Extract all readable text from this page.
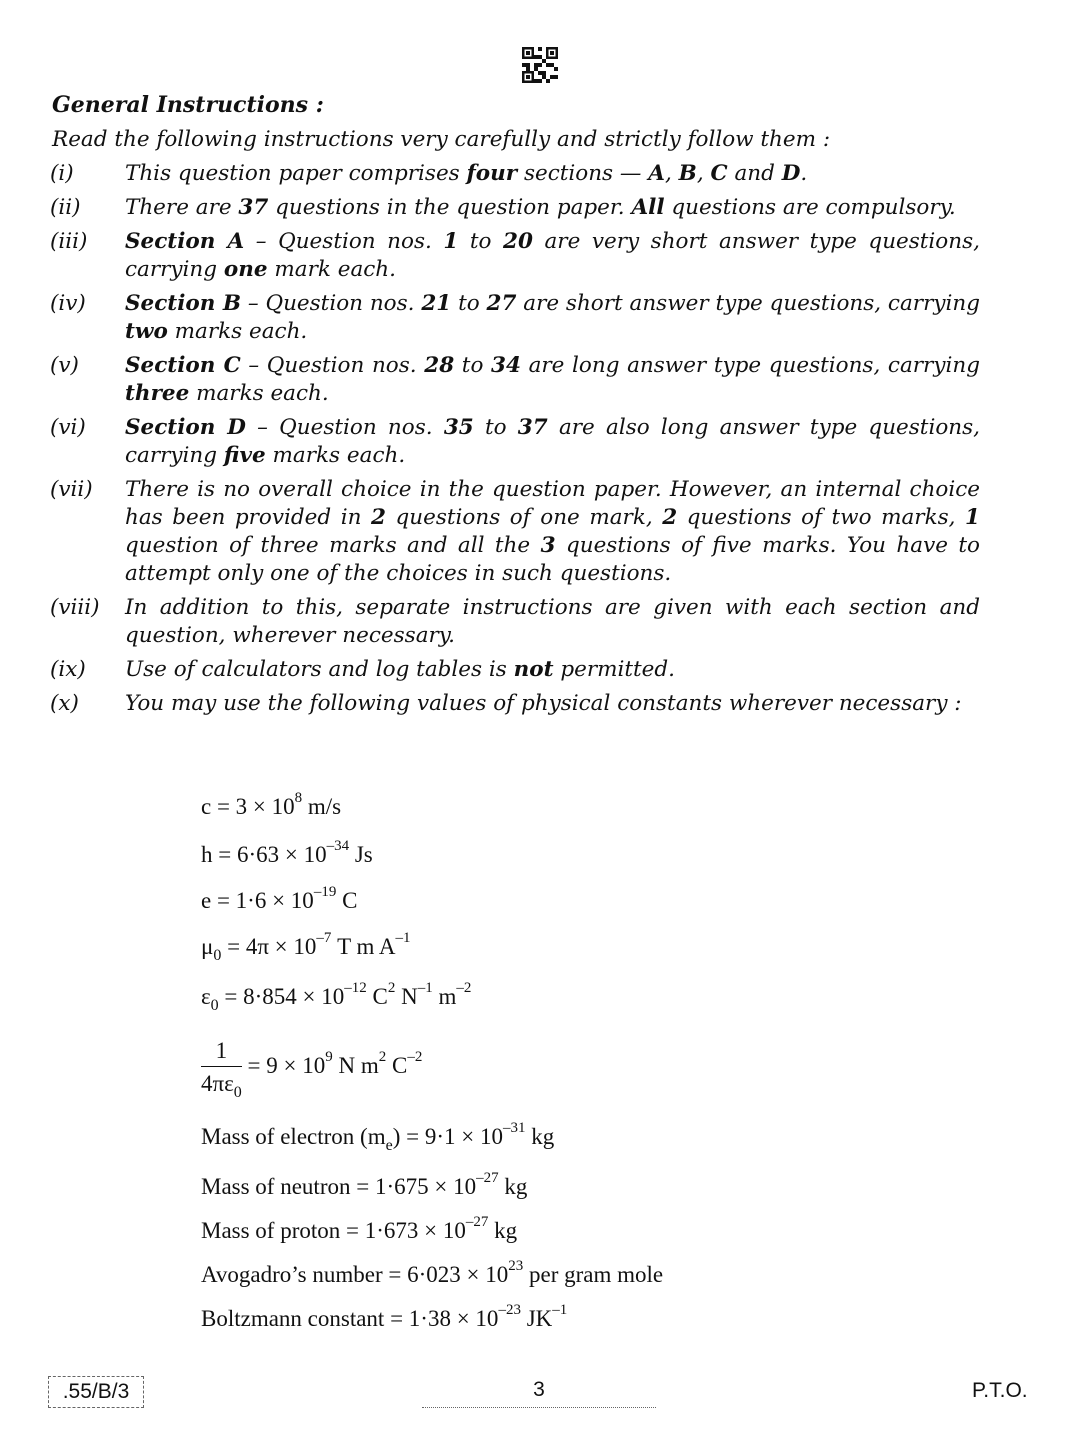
General Instructions :
Read the following instructions very carefully and strictly follow them :
(i)	This question paper comprises four sections — A, B, C and D.
(ii)	There are 37 questions in the question paper. All questions are compulsory.
(iii)	Section A – Question nos. 1 to 20 are very short answer type questions, carrying one mark each.
(iv)	Section B – Question nos. 21 to 27 are short answer type questions, carrying two marks each.
(v)	Section C – Question nos. 28 to 34 are long answer type questions, carrying three marks each.
(vi)	Section D – Question nos. 35 to 37 are also long answer type questions, carrying five marks each.
(vii)	There is no overall choice in the question paper. However, an internal choice has been provided in 2 questions of one mark, 2 questions of two marks, 1 question of three marks and all the 3 questions of five marks. You have to attempt only one of the choices in such questions.
(viii)	In addition to this, separate instructions are given with each section and question, wherever necessary.
(ix)	Use of calculators and log tables is not permitted.
(x)	You may use the following values of physical constants wherever necessary :
$c = 3 \times 10^8$ m/s
$h = 6\cdot 63 \times 10^{-34}$ Js
$e = 1\cdot 6 \times 10^{-19}$ C
$\mu_0 = 4\pi \times 10^{-7}$ T m $A^{-1}$
$\varepsilon_0 = 8\cdot 854 \times 10^{-12}$ $C^2$ $N^{-1}$ $m^{-2}$
$\frac{1}{4\pi\varepsilon_0} = 9 \times 10^9$ N $m^2$ $C^{-2}$
Mass of electron $(m_e) = 9\cdot 1 \times 10^{-31}$ kg
Mass of neutron = $1\cdot 675 \times 10^{-27}$ kg
Mass of proton = $1\cdot 673 \times 10^{-27}$ kg
Avogadro’s number = $6\cdot 023 \times 10^{23}$ per gram mole
Boltzmann constant = $1\cdot 38 \times 10^{-23}$ $JK^{-1}$
.55/B/3	3	P.T.O.
